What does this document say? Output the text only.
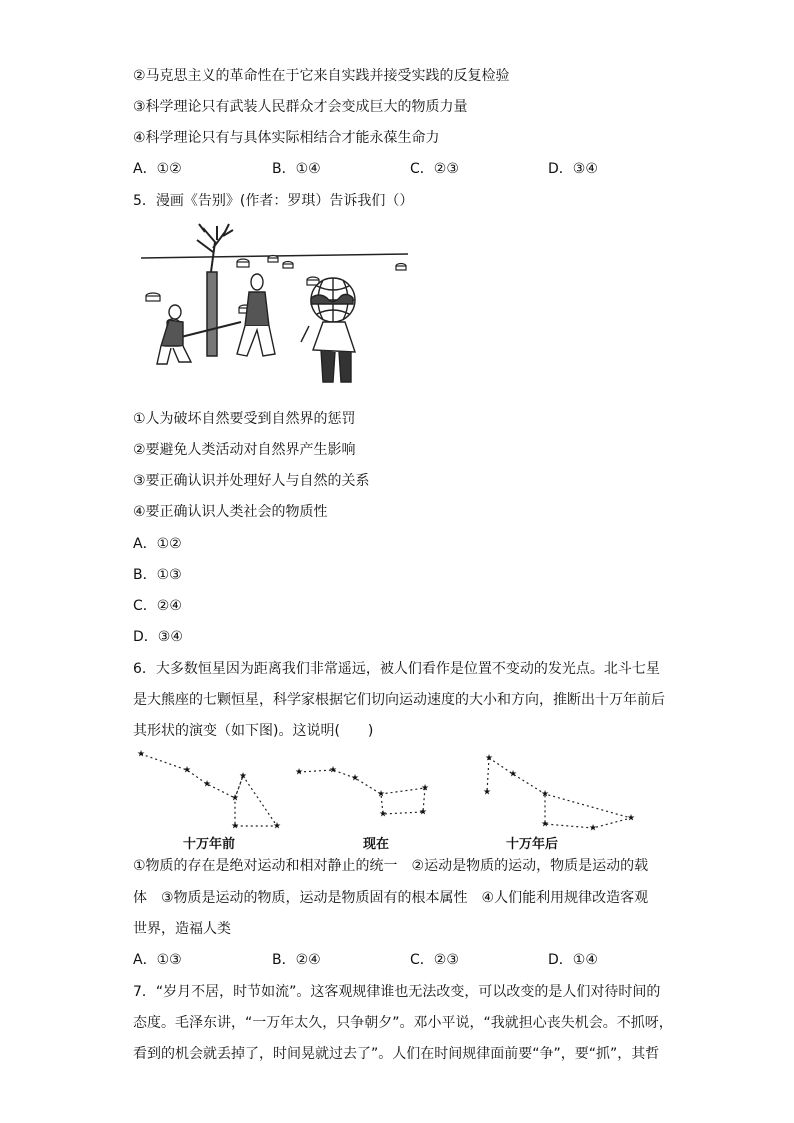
②马克思主义的革命性在于它来自实践并接受实践的反复检验
③科学理论只有武装人民群众才会变成巨大的物质力量
④科学理论只有与具体实际相结合才能永葆生命力
A．①②	B．①④	C．②③	D．③④
5．漫画《告别》(作者：罗琪）告诉我们（）
①人为破坏自然要受到自然界的惩罚
②要避免人类活动对自然界产生影响
③要正确认识并处理好人与自然的关系
④要正确认识人类社会的物质性
A．①②
B．①③
C．②④
D．③④
6．大多数恒星因为距离我们非常遥远，被人们看作是位置不变动的发光点。北斗七星
是大熊座的七颗恒星，科学家根据它们切向运动速度的大小和方向，推断出十万年前后
其形状的演变（如下图)。这说明(　　)
★
★
★
★
★
★	★
★	★
★
★
★	★
★
★
★
★
★
★
★
★
十万年前	现在	十万年后
①物质的存在是绝对运动和相对静止的统一　②运动是物质的运动，物质是运动的载
体　③物质是运动的物质，运动是物质固有的根本属性　④人们能利用规律改造客观
世界，造福人类
A．①③	B．②④	C．②③	D．①④
7．“岁月不居，时节如流”。这客观规律谁也无法改变，可以改变的是人们对待时间的
态度。毛泽东讲，“一万年太久，只争朝夕”。邓小平说，“我就担心丧失机会。不抓呀，
看到的机会就丢掉了，时间晃就过去了”。人们在时间规律面前要“争”，要“抓”，其哲
